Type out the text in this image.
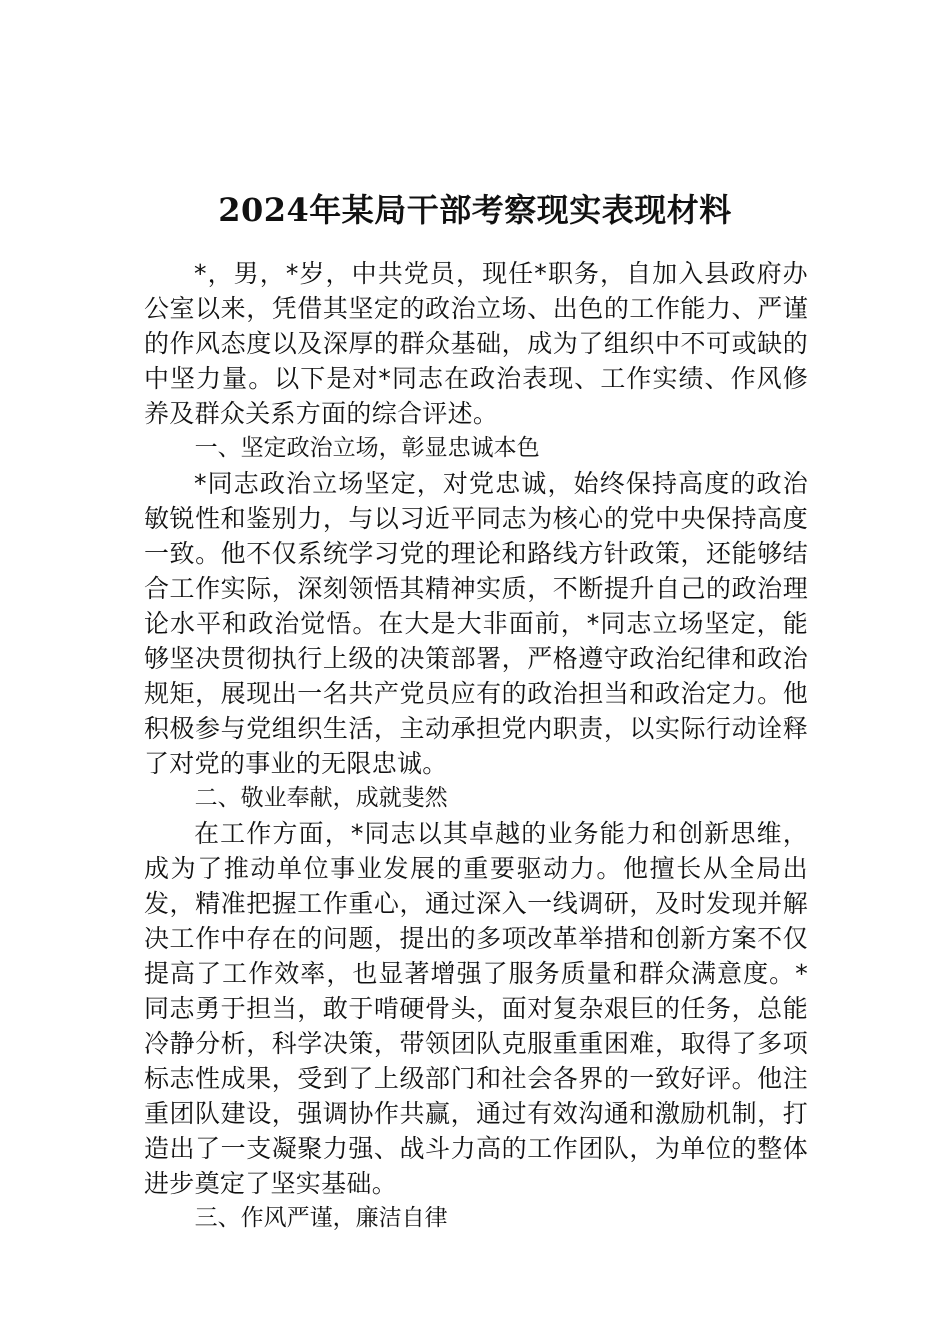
2024年某局干部考察现实表现材料

*，男，*岁，中共党员，现任*职务，自加入县政府办公室以来，凭借其坚定的政治立场、出色的工作能力、严谨的作风态度以及深厚的群众基础，成为了组织中不可或缺的中坚力量。以下是对*同志在政治表现、工作实绩、作风修养及群众关系方面的综合评述。

一、坚定政治立场，彰显忠诚本色

*同志政治立场坚定，对党忠诚，始终保持高度的政治敏锐性和鉴别力，与以习近平同志为核心的党中央保持高度一致。他不仅系统学习党的理论和路线方针政策，还能够结合工作实际，深刻领悟其精神实质，不断提升自己的政治理论水平和政治觉悟。在大是大非面前，*同志立场坚定，能够坚决贯彻执行上级的决策部署，严格遵守政治纪律和政治规矩，展现出一名共产党员应有的政治担当和政治定力。他积极参与党组织生活，主动承担党内职责，以实际行动诠释了对党的事业的无限忠诚。

二、敬业奉献，成就斐然

在工作方面，*同志以其卓越的业务能力和创新思维，成为了推动单位事业发展的重要驱动力。他擅长从全局出发，精准把握工作重心，通过深入一线调研，及时发现并解决工作中存在的问题，提出的多项改革举措和创新方案不仅提高了工作效率，也显著增强了服务质量和群众满意度。*同志勇于担当，敢于啃硬骨头，面对复杂艰巨的任务，总能冷静分析，科学决策，带领团队克服重重困难，取得了多项标志性成果，受到了上级部门和社会各界的一致好评。他注重团队建设，强调协作共赢，通过有效沟通和激励机制，打造出了一支凝聚力强、战斗力高的工作团队，为单位的整体进步奠定了坚实基础。

三、作风严谨，廉洁自律
